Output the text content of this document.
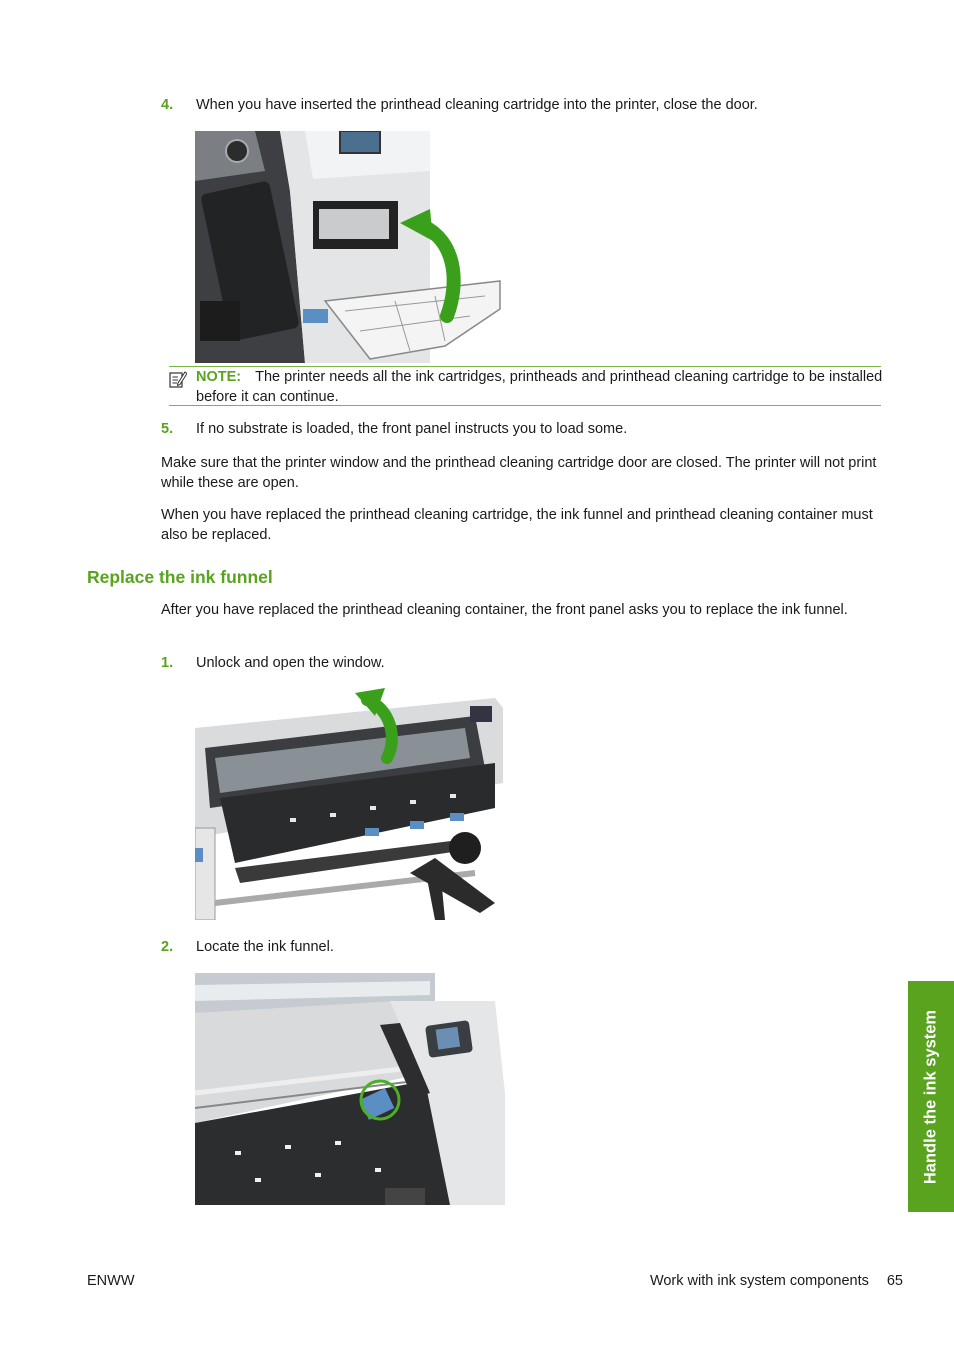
4. When you have inserted the printhead cleaning cartridge into the printer, close the door.
NOTE: The printer needs all the ink cartridges, printheads and printhead cleaning cartridge to be installed before it can continue.
5. If no substrate is loaded, the front panel instructs you to load some.
Make sure that the printer window and the printhead cleaning cartridge door are closed. The printer will not print while these are open.
When you have replaced the printhead cleaning cartridge, the ink funnel and printhead cleaning container must also be replaced.
Replace the ink funnel
After you have replaced the printhead cleaning container, the front panel asks you to replace the ink funnel.
1. Unlock and open the window.
2. Locate the ink funnel.
Handle the ink system
ENWW	Work with ink system components 65
